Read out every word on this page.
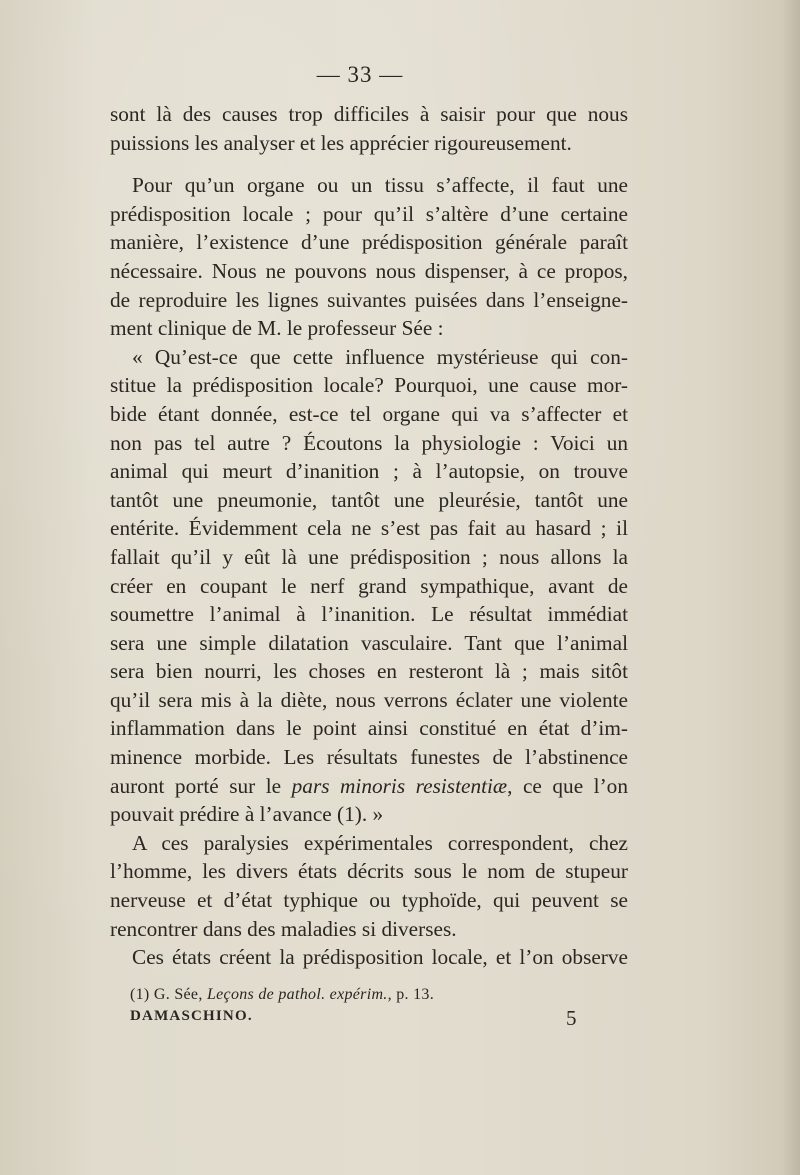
— 33 —
sont là des causes trop difficiles à saisir pour que nous
puissions les analyser et les apprécier rigoureusement.
Pour qu’un organe ou un tissu s’affecte, il faut une
prédisposition locale ; pour qu’il s’altère d’une certaine
manière, l’existence d’une prédisposition générale paraît
nécessaire. Nous ne pouvons nous dispenser, à ce propos,
de reproduire les lignes suivantes puisées dans l’enseigne-
ment clinique de M. le professeur Sée :
« Qu’est-ce que cette influence mystérieuse qui con-
stitue la prédisposition locale? Pourquoi, une cause mor-
bide étant donnée, est-ce tel organe qui va s’affecter et
non pas tel autre ? Écoutons la physiologie : Voici un
animal qui meurt d’inanition ; à l’autopsie, on trouve
tantôt une pneumonie, tantôt une pleurésie, tantôt une
entérite. Évidemment cela ne s’est pas fait au hasard ; il
fallait qu’il y eût là une prédisposition ; nous allons la
créer en coupant le nerf grand sympathique, avant de
soumettre l’animal à l’inanition. Le résultat immédiat
sera une simple dilatation vasculaire. Tant que l’animal
sera bien nourri, les choses en resteront là ; mais sitôt
qu’il sera mis à la diète, nous verrons éclater une violente
inflammation dans le point ainsi constitué en état d’im-
minence morbide. Les résultats funestes de l’abstinence
auront porté sur le pars minoris resistentiæ, ce que l’on
pouvait prédire à l’avance (1). »
A ces paralysies expérimentales correspondent, chez
l’homme, les divers états décrits sous le nom de stupeur
nerveuse et d’état typhique ou typhoïde, qui peuvent se
rencontrer dans des maladies si diverses.
Ces états créent la prédisposition locale, et l’on observe
(1) G. Sée, Leçons de pathol. expérim., p. 13.
DAMASCHINO.	5
